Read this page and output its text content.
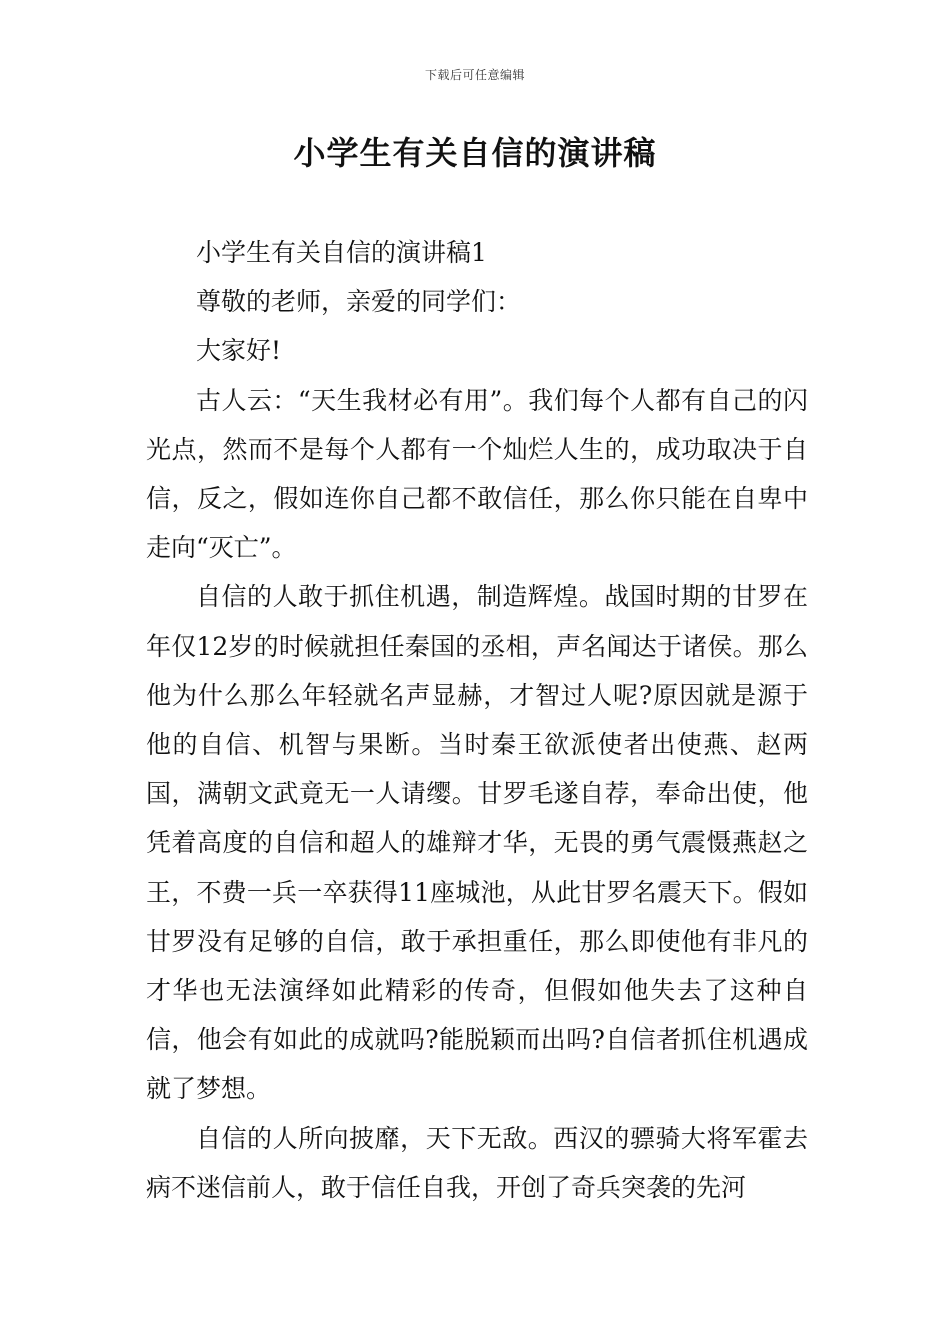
下载后可任意编辑
小学生有关自信的演讲稿

小学生有关自信的演讲稿1

尊敬的老师，亲爱的同学们：

大家好!

古人云：“天生我材必有用”。我们每个人都有自己的闪光点，然而不是每个人都有一个灿烂人生的，成功取决于自信，反之，假如连你自己都不敢信任，那么你只能在自卑中走向“灭亡”。

自信的人敢于抓住机遇，制造辉煌。战国时期的甘罗在年仅12岁的时候就担任秦国的丞相，声名闻达于诸侯。那么他为什么那么年轻就名声显赫，才智过人呢?原因就是源于他的自信、机智与果断。当时秦王欲派使者出使燕、赵两国，满朝文武竟无一人请缨。甘罗毛遂自荐，奉命出使，他凭着高度的自信和超人的雄辩才华，无畏的勇气震慑燕赵之王，不费一兵一卒获得11座城池，从此甘罗名震天下。假如甘罗没有足够的自信，敢于承担重任，那么即使他有非凡的才华也无法演绎如此精彩的传奇，但假如他失去了这种自信，他会有如此的成就吗?能脱颖而出吗?自信者抓住机遇成就了梦想。

自信的人所向披靡，天下无敌。西汉的骠骑大将军霍去病不迷信前人，敢于信任自我，开创了奇兵突袭的先河
